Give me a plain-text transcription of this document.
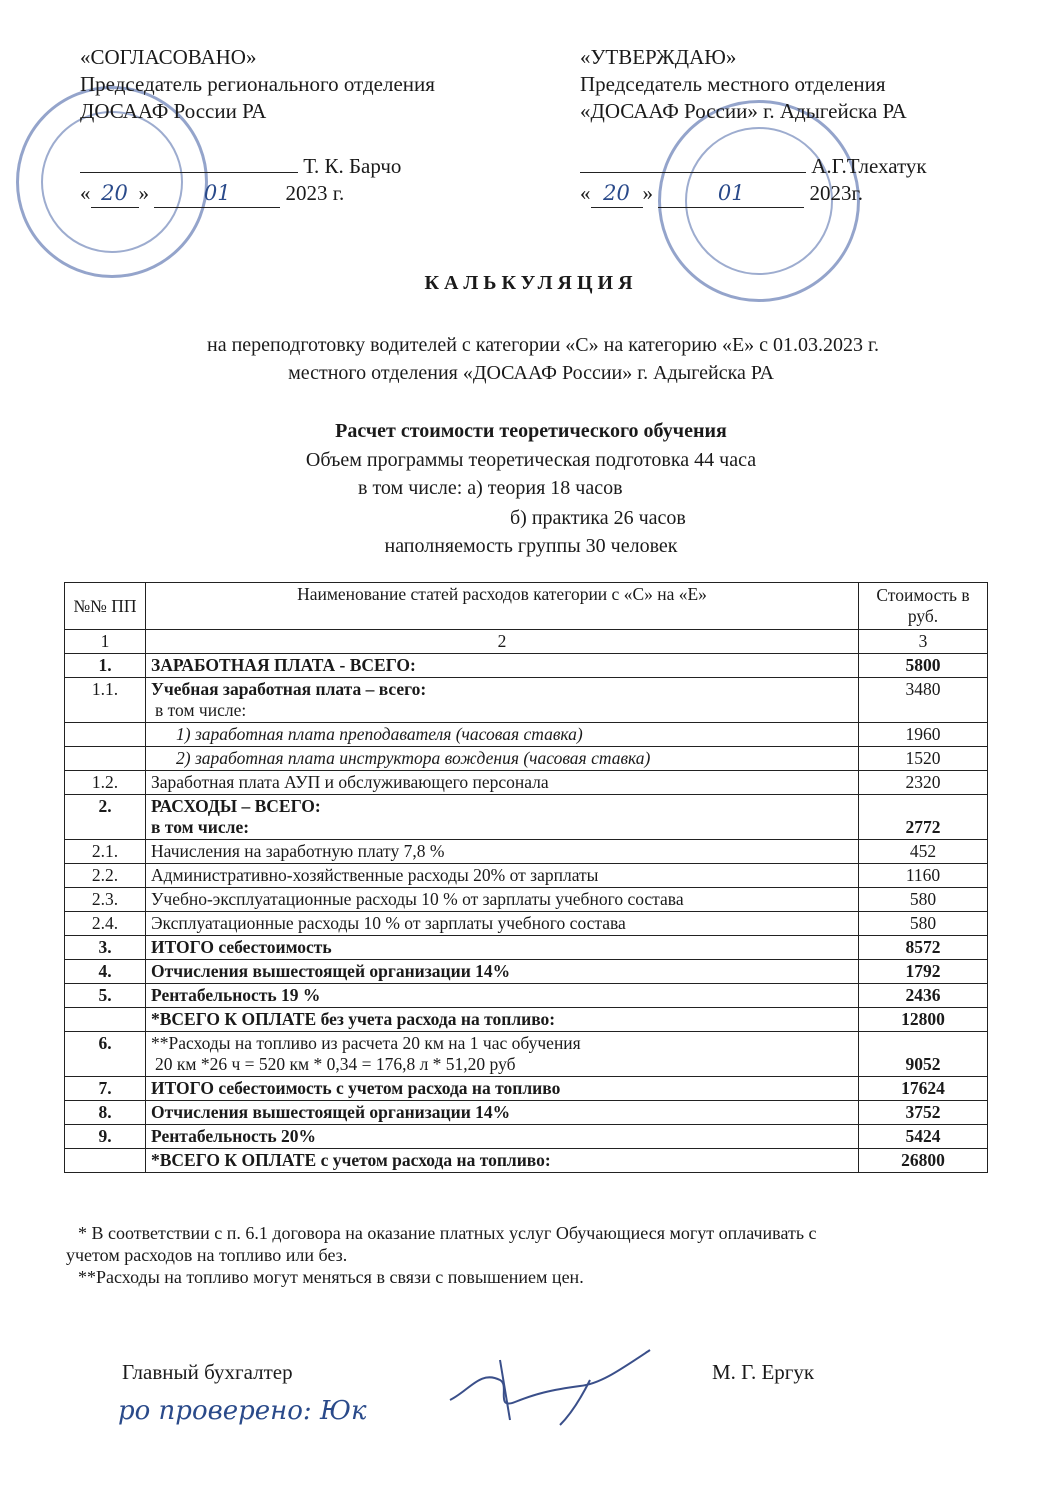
«СОГЛАСОВАНО»
Председатель регионального отделения
ДОСААФ России РА
Т. К. Барчо
« 20 »	01	2023 г.
«УТВЕРЖДАЮ»
Председатель местного отделения
«ДОСААФ России» г. Адыгейска РА
А.Г.Тлехатук
« 20 »	01	2023г.
КАЛЬКУЛЯЦИЯ
на переподготовку водителей с категории «С» на категорию «Е» с 01.03.2023 г.
местного отделения «ДОСААФ России» г. Адыгейска РА
Расчет стоимости теоретического обучения
Объем программы теоретическая подготовка 44 часа
в том числе: а) теория 18 часов
б) практика 26 часов
наполняемость группы 30 человек
№№ ПП	Наименование статей расходов категории с «С» на «Е»	Стоимость в руб.
1	2	3
1.	ЗАРАБОТНАЯ ПЛАТА - ВСЕГО:	5800
1.1.	Учебная заработная плата – всего:
в том числе:	3480
	1) заработная плата преподавателя (часовая ставка)	1960
	2) заработная плата инструктора вождения (часовая ставка)	1520
1.2.	Заработная плата АУП и обслуживающего персонала	2320
2.	РАСХОДЫ – ВСЕГО:
в том числе:	2772
2.1.	Начисления на заработную плату 7,8 %	452
2.2.	Административно-хозяйственные расходы 20% от зарплаты	1160
2.3.	Учебно-эксплуатационные расходы 10 % от зарплаты учебного состава	580
2.4.	Эксплуатационные расходы 10 % от зарплаты учебного состава	580
3.	ИТОГО себестоимость	8572
4.	Отчисления вышестоящей организации 14%	1792
5.	Рентабельность 19 %	2436
	*ВСЕГО К ОПЛАТЕ без учета расхода на топливо:	12800
6.	**Расходы на топливо из расчета 20 км на 1 час обучения
20 км *26 ч = 520 км * 0,34 = 176,8 л * 51,20 руб	9052
7.	ИТОГО себестоимость с учетом расхода на топливо	17624
8.	Отчисления вышестоящей организации 14%	3752
9.	Рентабельность 20%	5424
	*ВСЕГО К ОПЛАТЕ с учетом расхода на топливо:	26800
* В соответствии с п. 6.1 договора на оказание платных услуг Обучающиеся могут оплачивать с
учетом расходов на топливо или без.
**Расходы на топливо могут меняться в связи с повышением цен.
Главный бухгалтер	М. Г. Ергук
ро проверено: Юк
